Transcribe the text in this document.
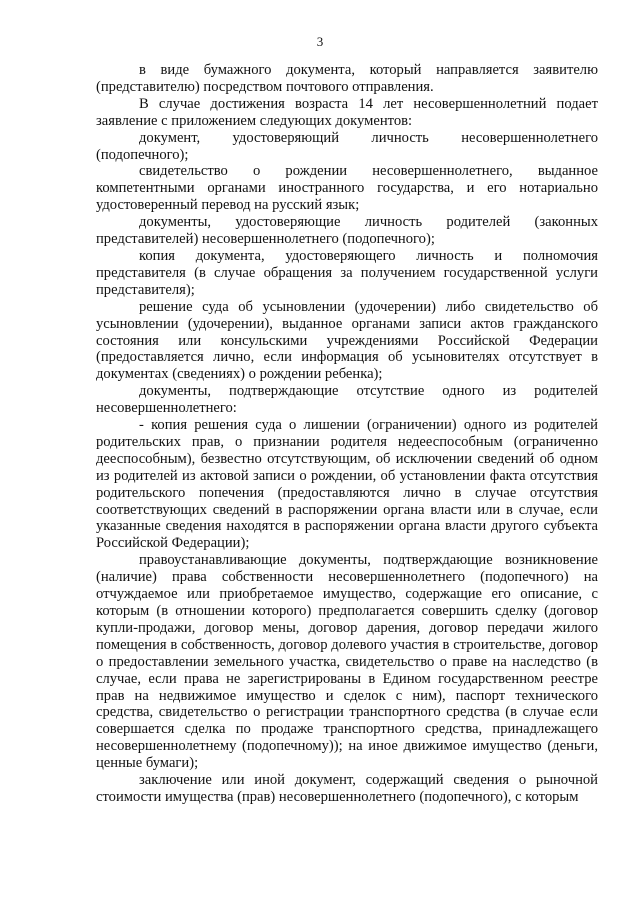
3

в виде бумажного документа, который направляется заявителю (представителю) посредством почтового отправления.

В случае достижения возраста 14 лет несовершеннолетний подает заявление с приложением следующих документов:

документ, удостоверяющий личность несовершеннолетнего (подопечного);

свидетельство о рождении несовершеннолетнего, выданное компетентными органами иностранного государства, и его нотариально удостоверенный перевод на русский язык;

документы, удостоверяющие личность родителей (законных представителей) несовершеннолетнего (подопечного);

копия документа, удостоверяющего личность и полномочия представителя (в случае обращения за получением государственной услуги представителя);

решение суда об усыновлении (удочерении) либо свидетельство об усыновлении (удочерении), выданное органами записи актов гражданского состояния или консульскими учреждениями Российской Федерации (предоставляется лично, если информация об усыновителях отсутствует в документах (сведениях) о рождении ребенка);

документы, подтверждающие отсутствие одного из родителей несовершеннолетнего:

- копия решения суда о лишении (ограничении) одного из родителей родительских прав, о признании родителя недееспособным (ограниченно дееспособным), безвестно отсутствующим, об исключении сведений об одном из родителей из актовой записи о рождении, об установлении факта отсутствия родительского попечения (предоставляются лично в случае отсутствия соответствующих сведений в распоряжении органа власти или в случае, если указанные сведения находятся в распоряжении органа власти другого субъекта Российской Федерации);

правоустанавливающие документы, подтверждающие возникновение (наличие) права собственности несовершеннолетнего (подопечного) на отчуждаемое или приобретаемое имущество, содержащие его описание, с которым (в отношении которого) предполагается совершить сделку (договор купли-продажи, договор мены, договор дарения, договор передачи жилого помещения в собственность, договор долевого участия в строительстве, договор о предоставлении земельного участка, свидетельство о праве на наследство (в случае, если права не зарегистрированы в Едином государственном реестре прав на недвижимое имущество и сделок с ним), паспорт технического средства, свидетельство о регистрации транспортного средства (в случае если совершается сделка по продаже транспортного средства, принадлежащего несовершеннолетнему (подопечному)); на иное движимое имущество (деньги, ценные бумаги);

заключение или иной документ, содержащий сведения о рыночной стоимости имущества (прав) несовершеннолетнего (подопечного), с которым
